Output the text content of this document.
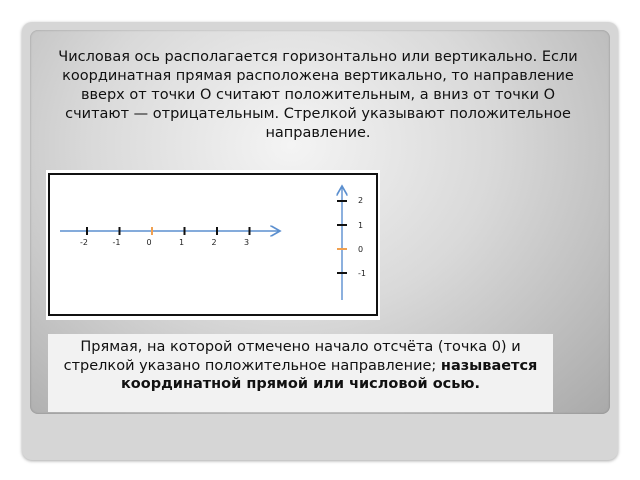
Числовая ось располагается горизонтально или вертикально. Если координатная прямая расположена вертикально, то направление вверх от точки О считают положительным, а вниз от точки О считают — отрицательным. Стрелкой указывают положительное направление.

-2	-1	0	1	2	3
2
1
0
-1
Прямая, на которой отмечено начало отсчёта (точка 0) и стрелкой указано положительное направление; называется координатной прямой или числовой осью.
